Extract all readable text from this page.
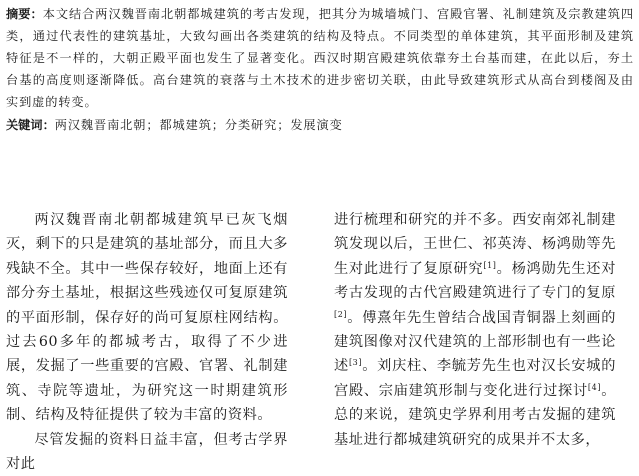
摘要：本文结合两汉魏晋南北朝都城建筑的考古发现，把其分为城墙城门、宫殿官署、礼制建筑及宗教建筑四类，通过代表性的建筑基址，大致勾画出各类建筑的结构及特点。不同类型的单体建筑，其平面形制及建筑特征是不一样的，大朝正殿平面也发生了显著变化。西汉时期宫殿建筑依靠夯土台基而建，在此以后，夯土台基的高度则逐渐降低。高台建筑的衰落与土木技术的进步密切关联，由此导致建筑形式从高台到楼阁及由实到虚的转变。
关键词：两汉魏晋南北朝；都城建筑；分类研究；发展演变

两汉魏晋南北朝都城建筑早已灰飞烟灭，剩下的只是建筑的基址部分，而且大多残缺不全。其中一些保存较好，地面上还有部分夯土基址，根据这些残迹仅可复原建筑的平面形制，保存好的尚可复原柱网结构。过去60多年的都城考古，取得了不少进展，发掘了一些重要的宫殿、官署、礼制建筑、寺院等遗址，为研究这一时期建筑形制、结构及特征提供了较为丰富的资料。

尽管发掘的资料日益丰富，但考古学界对此

进行梳理和研究的并不多。西安南郊礼制建筑发现以后，王世仁、祁英涛、杨鸿勋等先生对此进行了复原研究[1]。杨鸿勋先生还对考古发现的古代宫殿建筑进行了专门的复原[2]。傅熹年先生曾结合战国青铜器上刻画的建筑图像对汉代建筑的上部形制也有一些论述[3]。刘庆柱、李毓芳先生也对汉长安城的宫殿、宗庙建筑形制与变化进行过探讨[4]。总的来说，建筑史学界利用考古发掘的建筑基址进行都城建筑研究的成果并不太多，
